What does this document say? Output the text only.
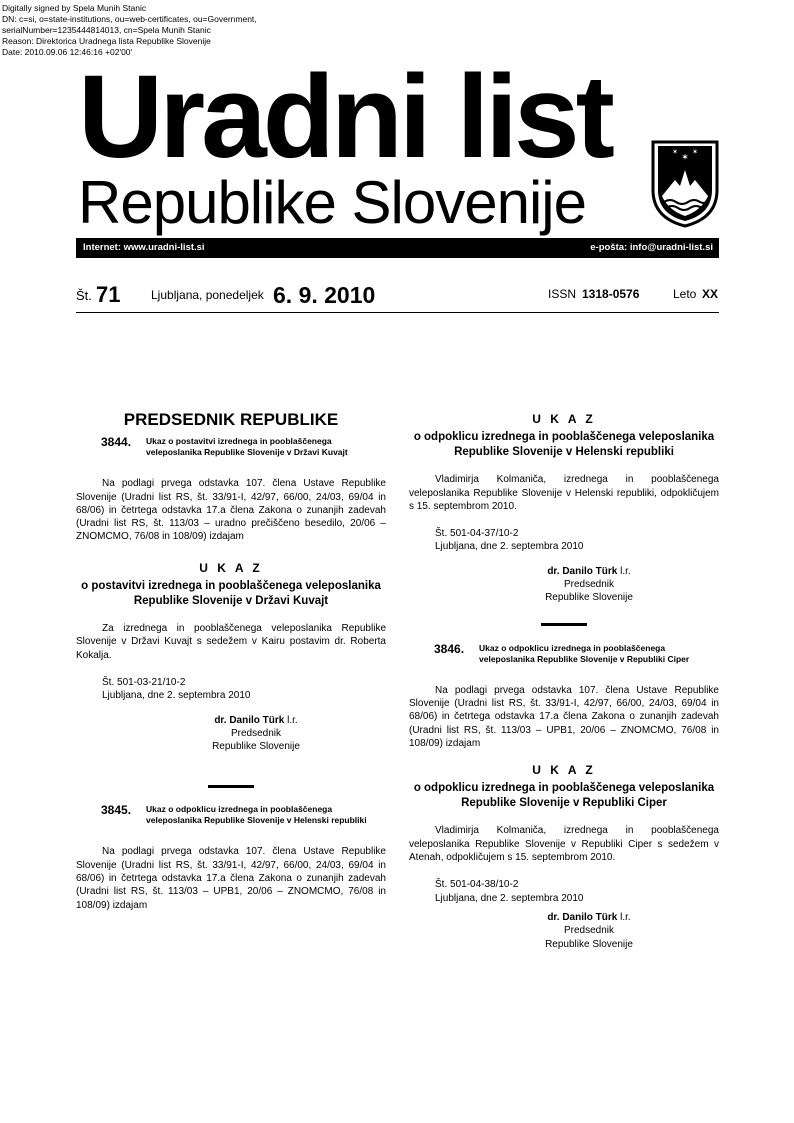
Digitally signed by Spela Munih Stanic
DN: c=si, o=state-institutions, ou=web-certificates, ou=Government,
serialNumber=1235444814013, cn=Spela Munih Stanic
Reason: Direktorica Uradnega lista Republike Slovenije
Date: 2010.09.06 12:46:16 +02'00'
Uradni list
Republike Slovenije
✶
✶ ✶
Internet: www.uradni-list.si	e-pošta: info@uradni-list.si
Št. 71	Ljubljana, ponedeljek 6. 9. 2010	ISSN 1318-0576	Leto XX
PREDSEDNIK REPUBLIKE
3844. Ukaz o postavitvi izrednega in pooblaščenega veleposlanika Republike Slovenije v Državi Kuvajt

Na podlagi prvega odstavka 107. člena Ustave Republike Slovenije (Uradni list RS, št. 33/91-I, 42/97, 66/00, 24/03, 69/04 in 68/06) in četrtega odstavka 17.a člena Zakona o zunanjih zadevah (Uradni list RS, št. 113/03 – uradno prečiščeno besedilo, 20/06 – ZNOMCMO, 76/08 in 108/09) izdajam

U K A Z
o postavitvi izrednega in pooblaščenega veleposlanika Republike Slovenije v Državi Kuvajt

Za izrednega in pooblaščenega veleposlanika Republike Slovenije v Državi Kuvajt s sedežem v Kairu postavim dr. Roberta Kokalja.

Št. 501-03-21/10-2
Ljubljana, dne 2. septembra 2010
dr. Danilo Türk l.r.
Predsednik
Republike Slovenije
3845. Ukaz o odpoklicu izrednega in pooblaščenega veleposlanika Republike Slovenije v Helenski republiki

Na podlagi prvega odstavka 107. člena Ustave Republike Slovenije (Uradni list RS, št. 33/91-I, 42/97, 66/00, 24/03, 69/04 in 68/06) in četrtega odstavka 17.a člena Zakona o zunanjih zadevah (Uradni list RS, št. 113/03 – UPB1, 20/06 – ZNOMCMO, 76/08 in 108/09) izdajam

U K A Z
o odpoklicu izrednega in pooblaščenega veleposlanika Republike Slovenije v Helenski republiki

Vladimirja Kolmaniča, izrednega in pooblaščenega veleposlanika Republike Slovenije v Helenski republiki, odpokličujem s 15. septembrom 2010.

Št. 501-04-37/10-2
Ljubljana, dne 2. septembra 2010
dr. Danilo Türk l.r.
Predsednik
Republike Slovenije
3846. Ukaz o odpoklicu izrednega in pooblaščenega veleposlanika Republike Slovenije v Republiki Ciper

Na podlagi prvega odstavka 107. člena Ustave Republike Slovenije (Uradni list RS, št. 33/91-I, 42/97, 66/00, 24/03, 69/04 in 68/06) in četrtega odstavka 17.a člena Zakona o zunanjih zadevah (Uradni list RS, št. 113/03 – UPB1, 20/06 – ZNOMCMO, 76/08 in 108/09) izdajam

U K A Z
o odpoklicu izrednega in pooblaščenega veleposlanika Republike Slovenije v Republiki Ciper

Vladimirja Kolmaniča, izrednega in pooblaščenega veleposlanika Republike Slovenije v Republiki Ciper s sedežem v Atenah, odpokličujem s 15. septembrom 2010.

Št. 501-04-38/10-2
Ljubljana, dne 2. septembra 2010
dr. Danilo Türk l.r.
Predsednik
Republike Slovenije
